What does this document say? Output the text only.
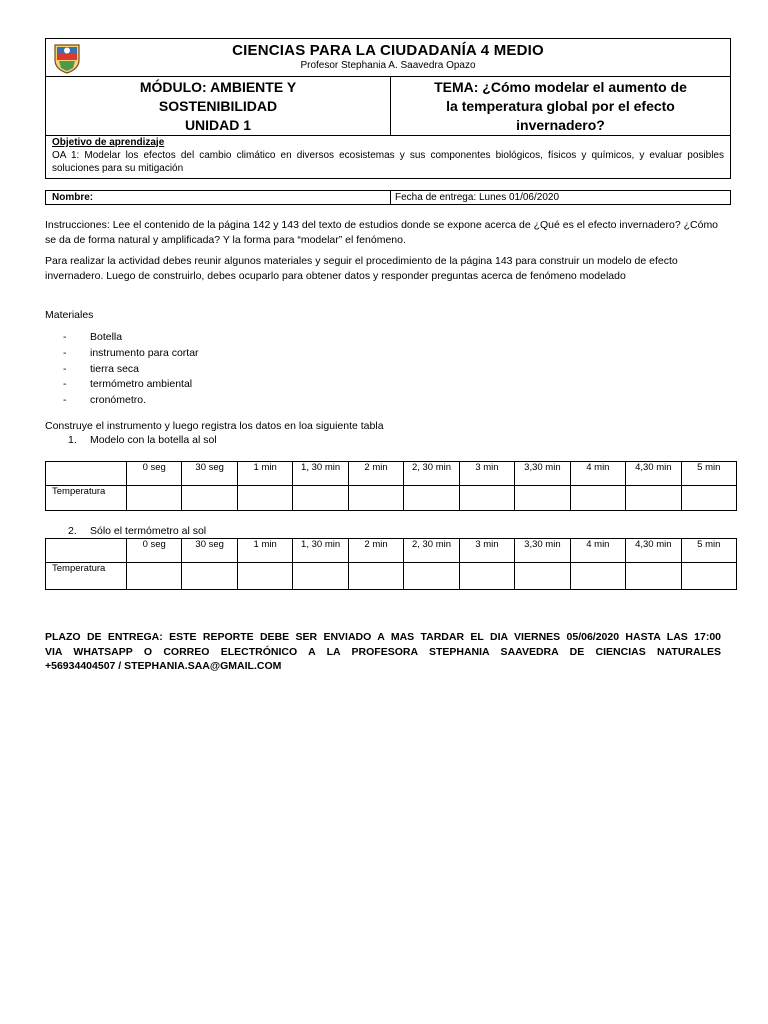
CIENCIAS PARA LA CIUDADANÍA 4 MEDIO
Profesor Stephania A. Saavedra Opazo
MÓDULO: AMBIENTE Y
SOSTENIBILIDAD
UNIDAD 1
TEMA: ¿Cómo modelar el aumento de
la temperatura global por el efecto
invernadero?
Objetivo de aprendizaje
OA 1: Modelar los efectos del cambio climático en diversos ecosistemas y sus componentes biológicos, físicos y químicos, y evaluar posibles soluciones para su mitigación
Nombre:	Fecha de entrega: Lunes 01/06/2020
Instrucciones: Lee el contenido de la página 142 y 143 del texto de estudios donde se expone acerca de ¿Qué es el efecto invernadero? ¿Cómo se da de forma natural y amplificada? Y la forma para “modelar” el fenómeno.
Para realizar la actividad debes reunir algunos materiales y seguir el procedimiento de la página 143 para construir un modelo de efecto invernadero. Luego de construirlo, debes ocuparlo para obtener datos y responder preguntas acerca de fenómeno modelado
Materiales
- Botella
- instrumento para cortar
- tierra seca
- termómetro ambiental
- cronómetro.
Construye el instrumento y luego registra los datos en loa siguiente tabla
1. Modelo con la botella al sol
	0 seg	30 seg	1 min	1, 30 min	2 min	2, 30 min	3 min	3,30 min	4 min	4,30 min	5 min
Temperatura											
2. Sólo el termómetro al sol
	0 seg	30 seg	1 min	1, 30 min	2 min	2, 30 min	3 min	3,30 min	4 min	4,30 min	5 min
Temperatura											
PLAZO DE ENTREGA: ESTE REPORTE DEBE SER ENVIADO A MAS TARDAR EL DIA VIERNES 05/06/2020 HASTA LAS 17:00
VIA WHATSAPP O CORREO ELECTRÓNICO A LA PROFESORA STEPHANIA SAAVEDRA DE CIENCIAS NATURALES
+56934404507 / STEPHANIA.SAA@GMAIL.COM
